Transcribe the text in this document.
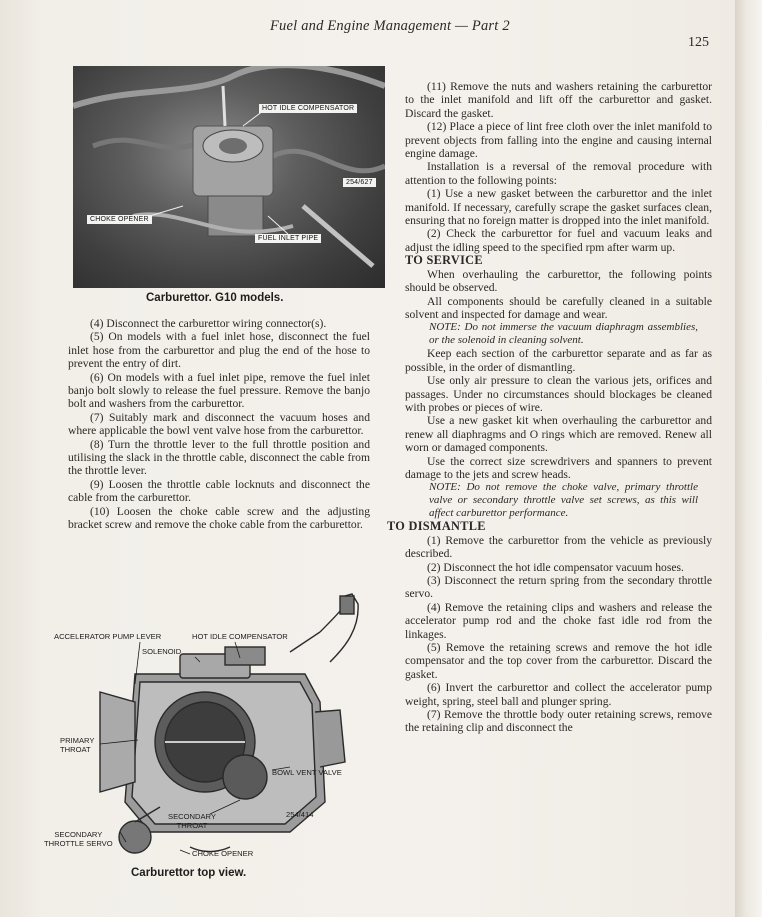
Fuel and Engine Management — Part 2
125
HOT IDLE COMPENSATOR
254/627
CHOKE OPENER
FUEL INLET PIPE
Carburettor. G10 models.

(4) Disconnect the carburettor wiring connector(s).

(5) On models with a fuel inlet hose, disconnect the fuel inlet hose from the carburettor and plug the end of the hose to prevent the entry of dirt.

(6) On models with a fuel inlet pipe, remove the fuel inlet banjo bolt slowly to release the fuel pressure. Remove the banjo bolt and washers from the carburettor.

(7) Suitably mark and disconnect the vacuum hoses and where applicable the bowl vent valve hose from the carburettor.

(8) Turn the throttle lever to the full throttle position and utilising the slack in the throttle cable, disconnect the cable from the throttle lever.

(9) Loosen the throttle cable locknuts and disconnect the cable from the carburettor.

(10) Loosen the choke cable screw and the adjusting bracket screw and remove the choke cable from the carburettor.

ACCELERATOR PUMP LEVER	HOT IDLE COMPENSATOR
SOLENOID
PRIMARY
THROAT
BOWL VENT VALVE
SECONDARY
THROAT
254/414
SECONDARY
THROTTLE SERVO
CHOKE OPENER
Carburettor top view.

(11) Remove the nuts and washers retaining the carburettor to the inlet manifold and lift off the carburettor and gasket. Discard the gasket.

(12) Place a piece of lint free cloth over the inlet manifold to prevent objects from falling into the engine and causing internal engine damage.

Installation is a reversal of the removal procedure with attention to the following points:

(1) Use a new gasket between the carburettor and the inlet manifold. If necessary, carefully scrape the gasket surfaces clean, ensuring that no foreign matter is dropped into the inlet manifold.

(2) Check the carburettor for fuel and vacuum leaks and adjust the idling speed to the specified rpm after warm up.

TO SERVICE

When overhauling the carburettor, the following points should be observed.

All components should be carefully cleaned in a suitable solvent and inspected for damage and wear.

NOTE: Do not immerse the vacuum diaphragm assemblies, or the solenoid in cleaning solvent.

Keep each section of the carburettor separate and as far as possible, in the order of dismantling.

Use only air pressure to clean the various jets, orifices and passages. Under no circumstances should blockages be cleaned with probes or pieces of wire.

Use a new gasket kit when overhauling the carburettor and renew all diaphragms and O rings which are removed. Renew all worn or damaged components.

Use the correct size screwdrivers and spanners to prevent damage to the jets and screw heads.

NOTE: Do not remove the choke valve, primary throttle valve or secondary throttle valve set screws, as this will affect carburettor performance.

TO DISMANTLE

(1) Remove the carburettor from the vehicle as previously described.

(2) Disconnect the hot idle compensator vacuum hoses.

(3) Disconnect the return spring from the secondary throttle servo.

(4) Remove the retaining clips and washers and release the accelerator pump rod and the choke fast idle rod from the linkages.

(5) Remove the retaining screws and remove the hot idle compensator and the top cover from the carburettor. Discard the gasket.

(6) Invert the carburettor and collect the accelerator pump weight, spring, steel ball and plunger spring.

(7) Remove the throttle body outer retaining screws, remove the retaining clip and disconnect the
